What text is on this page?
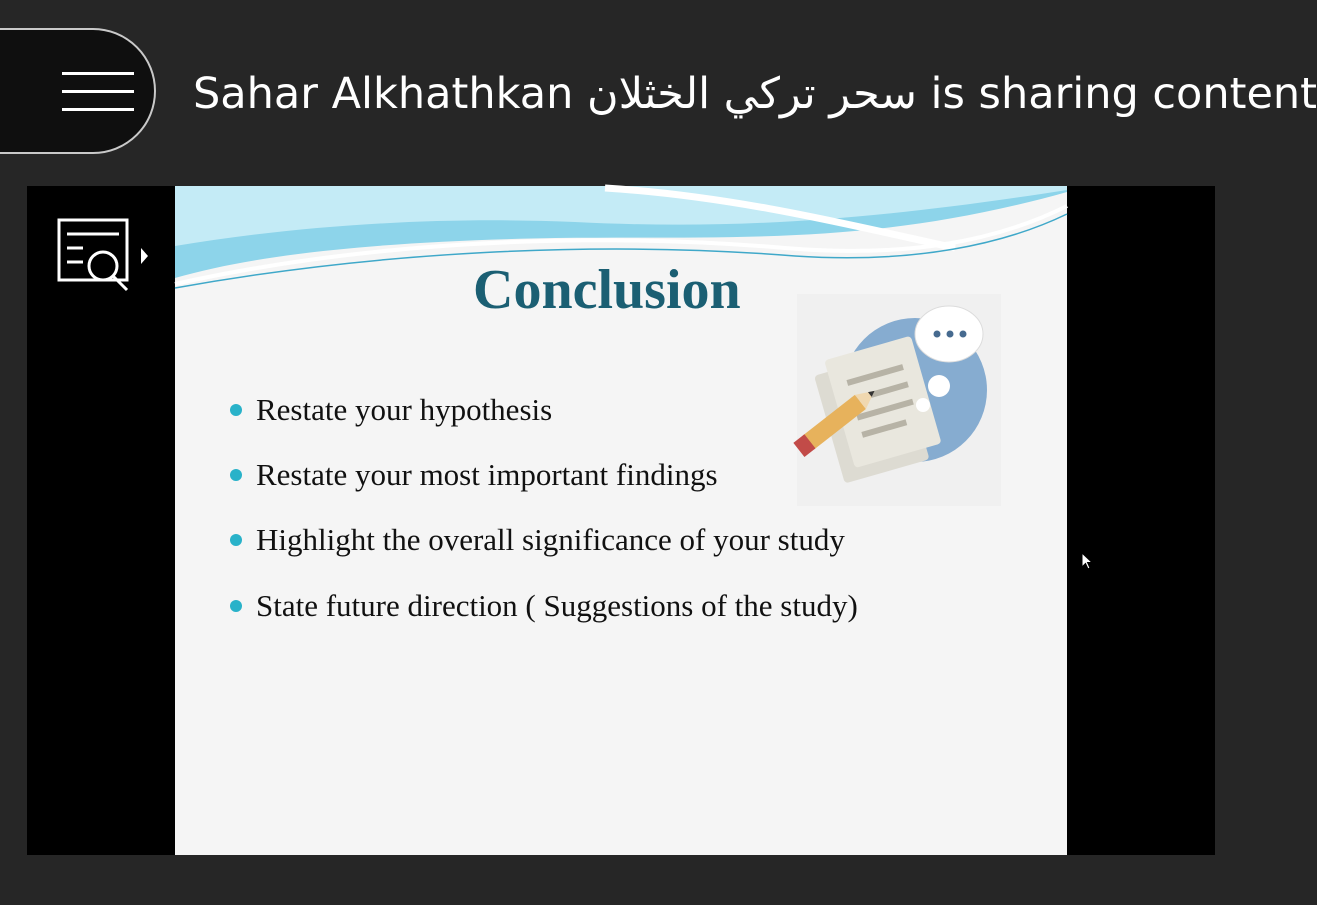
Sahar Alkhathkan سحر تركي الخثلان is sharing content
Conclusion
Restate your hypothesis
Restate your most important findings
Highlight the overall significance of your study
State future direction ( Suggestions of the study)
